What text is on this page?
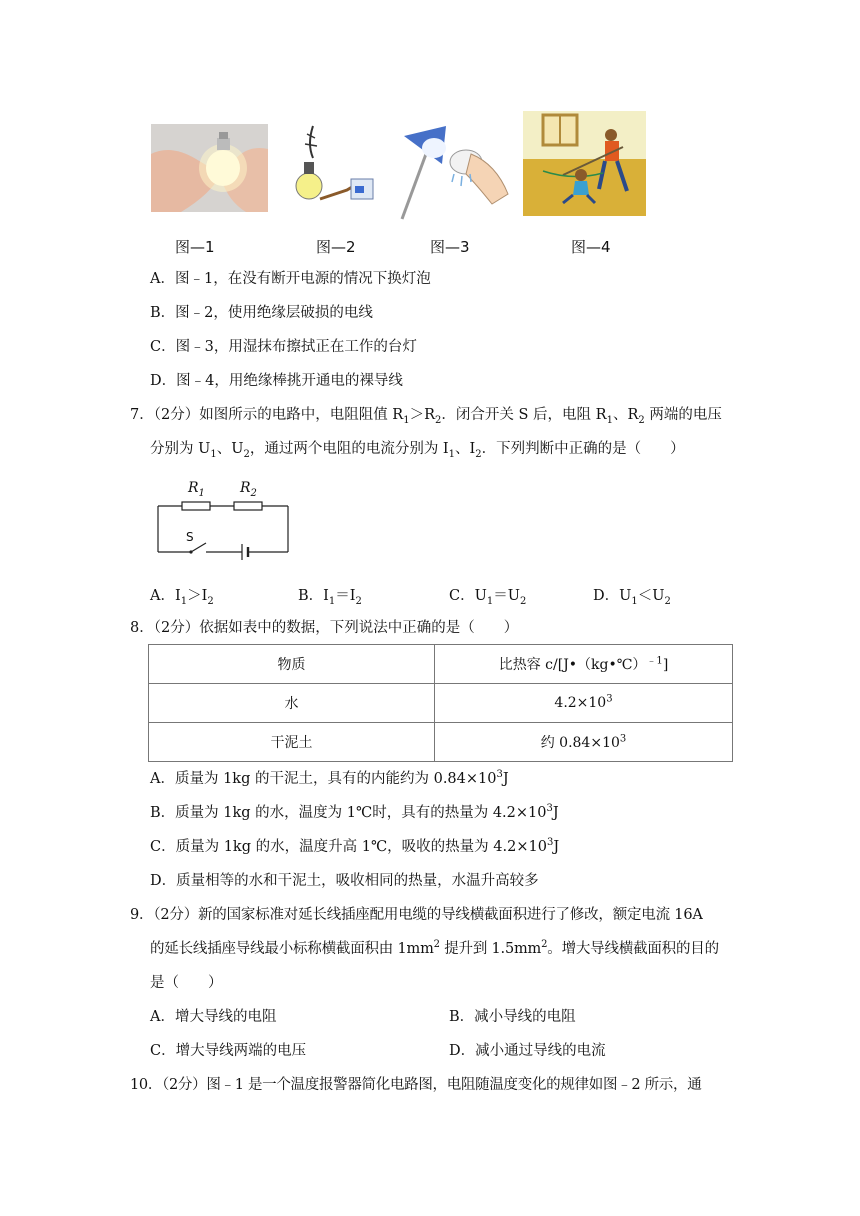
图—1	图—2	图—3	图—4
A．图﹣1，在没有断开电源的情况下换灯泡
B．图﹣2，使用绝缘层破损的电线
C．图﹣3，用湿抹布擦拭正在工作的台灯
D．图﹣4，用绝缘棒挑开通电的裸导线
7．（2分）如图所示的电路中，电阻阻值 $R_1>R_2$．闭合开关 S 后，电阻 $R_1$、$R_2$ 两端的电压
分别为 $U_1$、$U_2$，通过两个电阻的电流分别为 $I_1$、$I_2$．下列判断中正确的是（　　）
$R_1$	$R_2$
S
A．$I_1>I_2$	B．$I_1=I_2$	C．$U_1=U_2$	D．$U_1<U_2$
8．（2分）依据如表中的数据，下列说法中正确的是（　　）
物质	比热容 c/[J•（kg•℃）$^{﹣1}$]
水	$4.2\times 10^3$
干泥土	约 $0.84\times 10^3$
A．质量为 1kg 的干泥土，具有的内能约为 $0.84\times 10^3J$
B．质量为 1kg 的水，温度为 1℃时，具有的热量为 $4.2\times 10^3J$
C．质量为 1kg 的水，温度升高 1℃，吸收的热量为 $4.2\times 10^3J$
D．质量相等的水和干泥土，吸收相同的热量，水温升高较多
9．（2分）新的国家标准对延长线插座配用电缆的导线横截面积进行了修改，额定电流 16A
的延长线插座导线最小标称横截面积由 $1mm^2$ 提升到 $1.5mm^2$。增大导线横截面积的目的
是（　　）
A．增大导线的电阻	B．减小导线的电阻
C．增大导线两端的电压	D．减小通过导线的电流
10．（2分）图﹣1 是一个温度报警器简化电路图，电阻随温度变化的规律如图﹣2 所示，通
